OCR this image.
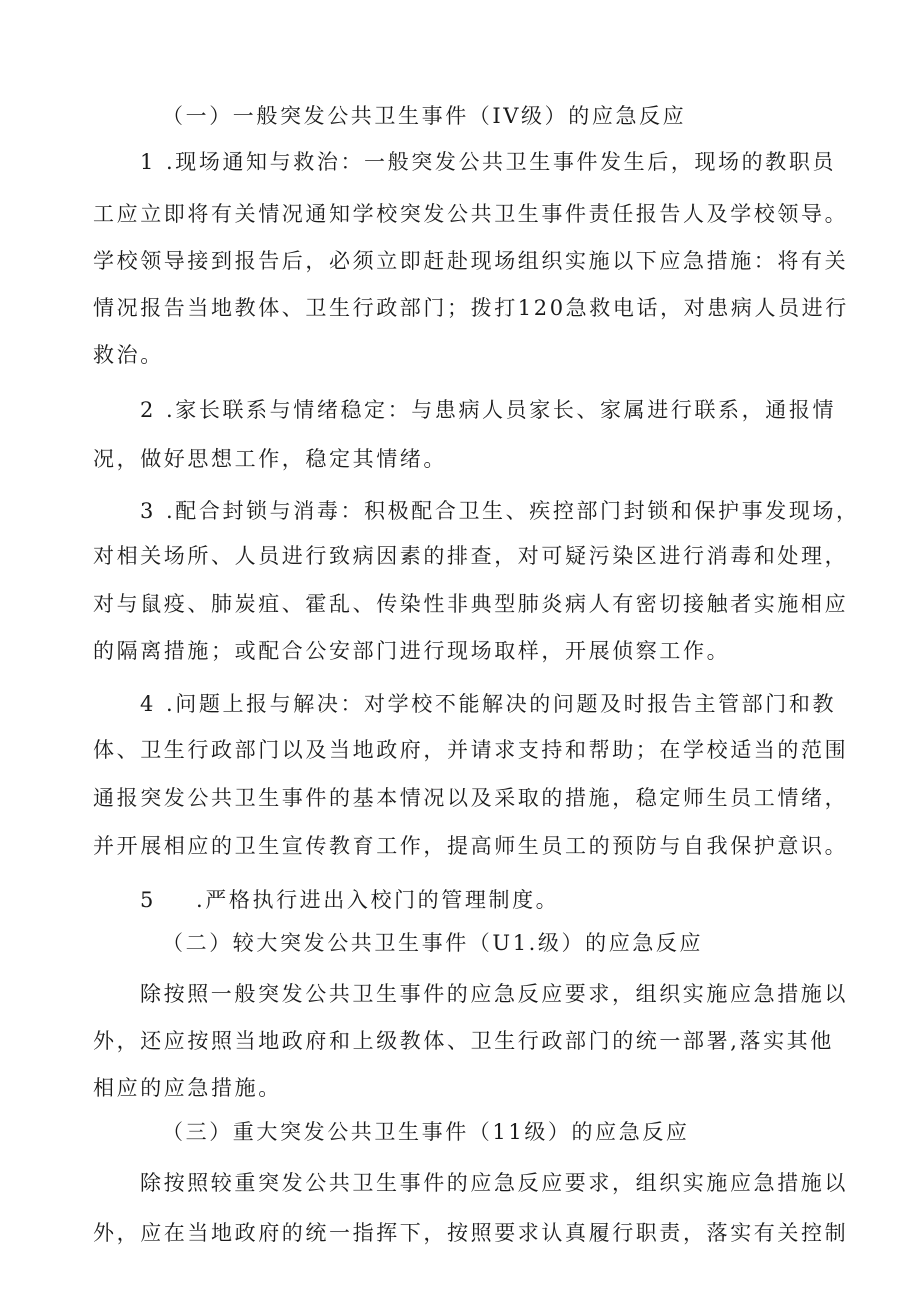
（一）一般突发公共卫生事件（IV级）的应急反应
1 .现场通知与救治：一般突发公共卫生事件发生后，现场的教职员
工应立即将有关情况通知学校突发公共卫生事件责任报告人及学校领导。
学校领导接到报告后，必须立即赶赴现场组织实施以下应急措施：将有关
情况报告当地教体、卫生行政部门；拨打120急救电话，对患病人员进行
救治。
2 .家长联系与情绪稳定：与患病人员家长、家属进行联系，通报情
况，做好思想工作，稳定其情绪。
3 .配合封锁与消毒：积极配合卫生、疾控部门封锁和保护事发现场，
对相关场所、人员进行致病因素的排查，对可疑污染区进行消毒和处理，
对与鼠疫、肺炭疽、霍乱、传染性非典型肺炎病人有密切接触者实施相应
的隔离措施；或配合公安部门进行现场取样，开展侦察工作。
4 .问题上报与解决：对学校不能解决的问题及时报告主管部门和教
体、卫生行政部门以及当地政府，并请求支持和帮助；在学校适当的范围
通报突发公共卫生事件的基本情况以及采取的措施，稳定师生员工情绪，
并开展相应的卫生宣传教育工作，提高师生员工的预防与自我保护意识。
5 .严格执行进出入校门的管理制度。
（二）较大突发公共卫生事件（U1.级）的应急反应
除按照一般突发公共卫生事件的应急反应要求，组织实施应急措施以
外，还应按照当地政府和上级教体、卫生行政部门的统一部署,落实其他
相应的应急措施。
（三）重大突发公共卫生事件（11级）的应急反应
除按照较重突发公共卫生事件的应急反应要求，组织实施应急措施以
外，应在当地政府的统一指挥下，按照要求认真履行职责，落实有关控制
